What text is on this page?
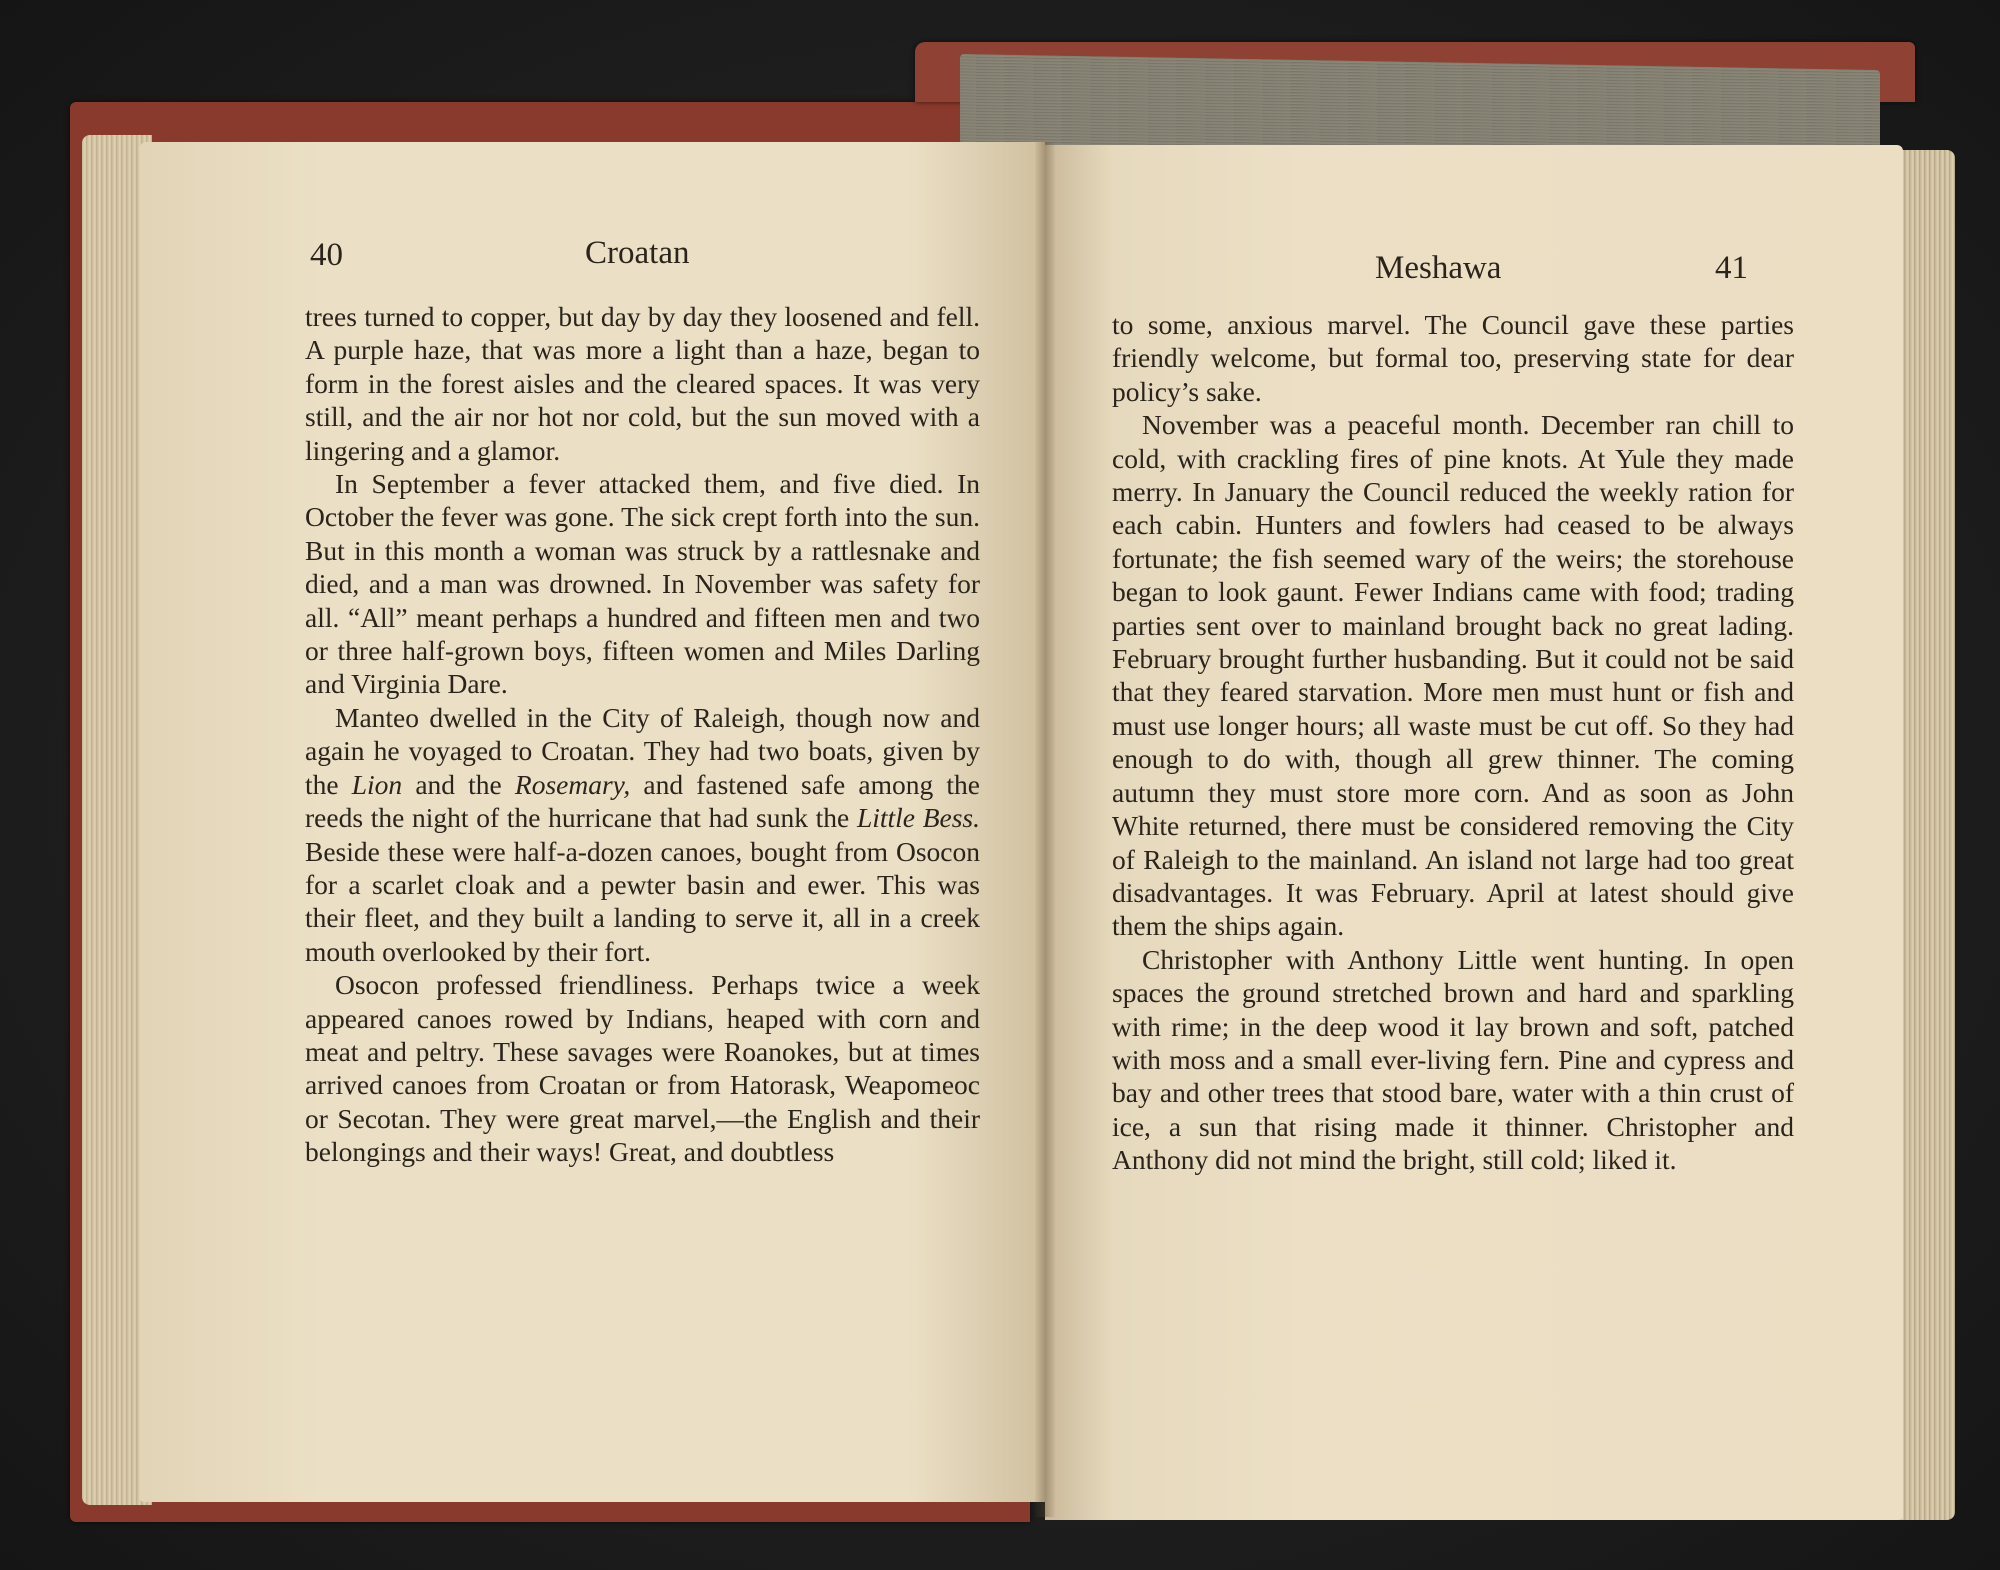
40	Croatan

trees turned to copper, but day by day they loosened and fell. A purple haze, that was more a light than a haze, began to form in the forest aisles and the cleared spaces. It was very still, and the air nor hot nor cold, but the sun moved with a lingering and a glamor.

In September a fever attacked them, and five died. In October the fever was gone. The sick crept forth into the sun. But in this month a woman was struck by a rattlesnake and died, and a man was drowned. In November was safety for all. “All” meant perhaps a hundred and fifteen men and two or three half-grown boys, fifteen women and Miles Darling and Virginia Dare.

Manteo dwelled in the City of Raleigh, though now and again he voyaged to Croatan. They had two boats, given by the Lion and the Rosemary, and fastened safe among the reeds the night of the hurricane that had sunk the Little Bess. Beside these were half-a-dozen canoes, bought from Osocon for a scarlet cloak and a pewter basin and ewer. This was their fleet, and they built a landing to serve it, all in a creek mouth overlooked by their fort.

Osocon professed friendliness. Perhaps twice a week appeared canoes rowed by Indians, heaped with corn and meat and peltry. These savages were Roanokes, but at times arrived canoes from Croatan or from Hatorask, Weapomeoc or Secotan. They were great marvel,—the English and their belongings and their ways! Great, and doubtless

Meshawa	41

to some, anxious marvel. The Council gave these parties friendly welcome, but formal too, preserving state for dear policy’s sake.

November was a peaceful month. December ran chill to cold, with crackling fires of pine knots. At Yule they made merry. In January the Council reduced the weekly ration for each cabin. Hunters and fowlers had ceased to be always fortunate; the fish seemed wary of the weirs; the storehouse began to look gaunt. Fewer Indians came with food; trading parties sent over to mainland brought back no great lading. February brought further husbanding. But it could not be said that they feared starvation. More men must hunt or fish and must use longer hours; all waste must be cut off. So they had enough to do with, though all grew thinner. The coming autumn they must store more corn. And as soon as John White returned, there must be considered removing the City of Raleigh to the mainland. An island not large had too great disadvantages. It was February. April at latest should give them the ships again.

Christopher with Anthony Little went hunting. In open spaces the ground stretched brown and hard and sparkling with rime; in the deep wood it lay brown and soft, patched with moss and a small ever-living fern. Pine and cypress and bay and other trees that stood bare, water with a thin crust of ice, a sun that rising made it thinner. Christopher and Anthony did not mind the bright, still cold; liked it.
